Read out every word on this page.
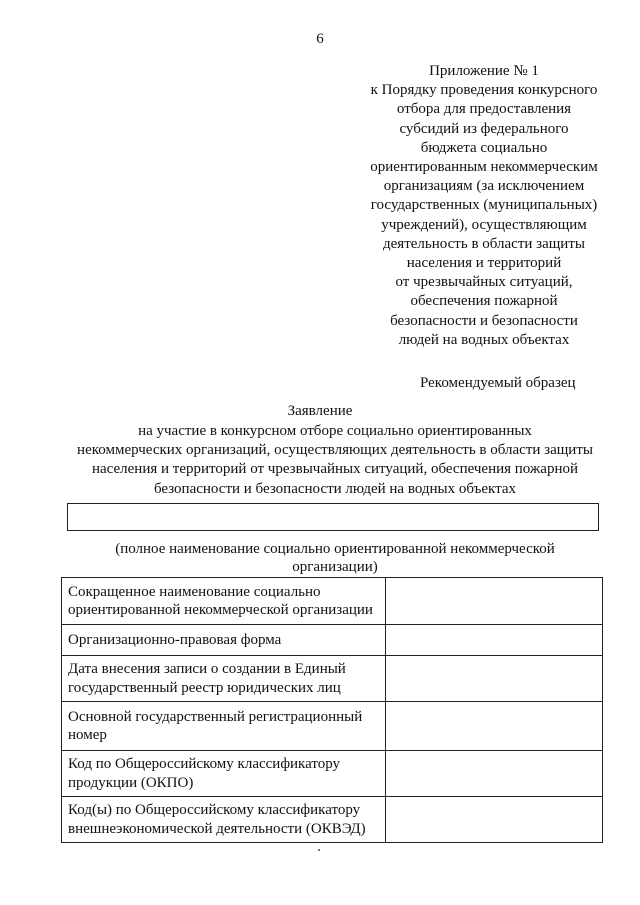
6
Приложение № 1
к Порядку проведения конкурсного
отбора для предоставления
субсидий из федерального
бюджета социально
ориентированным некоммерческим
организациям (за исключением
государственных (муниципальных)
учреждений), осуществляющим
деятельность в области защиты
населения и территорий
от чрезвычайных ситуаций,
обеспечения пожарной
безопасности и безопасности
людей на водных объектах
Рекомендуемый образец
Заявление
на участие в конкурсном отборе социально ориентированных
некоммерческих организаций, осуществляющих деятельность в области защиты
населения и территорий от чрезвычайных ситуаций, обеспечения пожарной
безопасности и безопасности людей на водных объектах
(полное наименование социально ориентированной некоммерческой
организации)
Сокращенное наименование социально
ориентированной некоммерческой организации	

Организационно-правовая форма	

Дата внесения записи о создании в Единый
государственный реестр юридических лиц	

Основной государственный регистрационный
номер	

Код по Общероссийскому классификатору
продукции (ОКПО)	

Код(ы) по Общероссийскому классификатору
внешнеэкономической деятельности (ОКВЭД)	
